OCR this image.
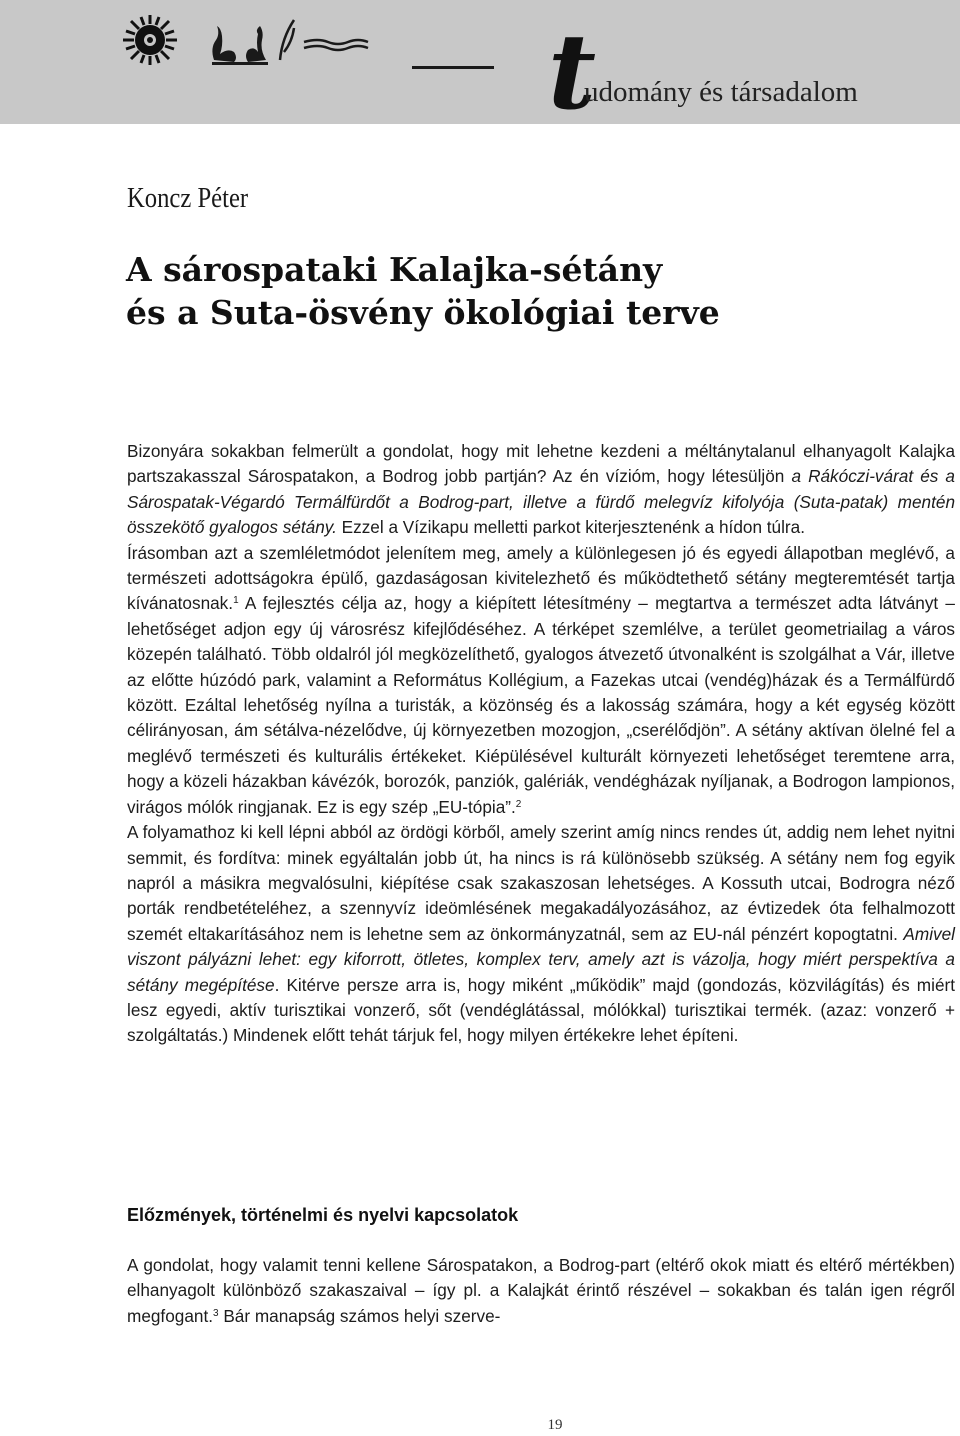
t
udomány és társadalom
Koncz Péter
A sárospataki Kalajka-sétány
és a Suta-ösvény ökológiai terve

Bizonyára sokakban felmerült a gondolat, hogy mit lehetne kezdeni a méltánytalanul elhanyagolt Kalajka partszakasszal Sárospatakon, a Bodrog jobb partján? Az én vízióm, hogy létesüljön a Rákóczi-várat és a Sárospatak-Végardó Termálfürdőt a Bodrog-part, illetve a fürdő melegvíz kifolyója (Suta-patak) mentén összekötő gyalogos sétány. Ezzel a Vízikapu melletti parkot kiterjesztenénk a hídon túlra.

Írásomban azt a szemléletmódot jelenítem meg, amely a különlegesen jó és egyedi állapotban meglévő, a természeti adottságokra épülő, gazdaságosan kivitelezhető és működtethető sétány megteremtését tartja kívánatosnak.$^1$ A fejlesztés célja az, hogy a kiépített létesítmény – megtartva a természet adta látványt – lehetőséget adjon egy új városrész kifejlődéséhez. A térképet szemlélve, a terület geometriailag a város közepén található. Több oldalról jól megközelíthető, gyalogos átvezető útvonalként is szolgálhat a Vár, illetve az előtte húzódó park, valamint a Református Kollégium, a Fazekas utcai (vendég)házak és a Termálfürdő között. Ezáltal lehetőség nyílna a turisták, a közönség és a lakosság számára, hogy a két egység között célirányosan, ám sétálva-nézelődve, új környezetben mozogjon, „cserélődjön”. A sétány aktívan ölelné fel a meglévő természeti és kulturális értékeket. Kiépülésével kulturált környezeti lehetőséget teremtene arra, hogy a közeli házakban kávézók, borozók, panziók, galériák, vendégházak nyíljanak, a Bodrogon lampionos, virágos mólók ringjanak. Ez is egy szép „EU-tópia”.$^2$

A folyamathoz ki kell lépni abból az ördögi körből, amely szerint amíg nincs rendes út, addig nem lehet nyitni semmit, és fordítva: minek egyáltalán jobb út, ha nincs is rá különösebb szükség. A sétány nem fog egyik napról a másikra megvalósulni, kiépítése csak szakaszosan lehetséges. A Kossuth utcai, Bodrogra néző porták rendbetételéhez, a szennyvíz ideömlésének megakadályozásához, az évtizedek óta felhalmozott szemét eltakarításához nem is lehetne sem az önkormányzatnál, sem az EU-nál pénzért kopogtatni. Amivel viszont pályázni lehet: egy kiforrott, ötletes, komplex terv, amely azt is vázolja, hogy miért perspektíva a sétány megépítése. Kitérve persze arra is, hogy miként „működik” majd (gondozás, közvilágítás) és miért lesz egyedi, aktív turisztikai vonzerő, sőt (vendéglátással, mólókkal) turisztikai termék. (azaz: vonzerő + szolgáltatás.) Mindenek előtt tehát tárjuk fel, hogy milyen értékekre lehet építeni.

Előzmények, történelmi és nyelvi kapcsolatok

A gondolat, hogy valamit tenni kellene Sárospatakon, a Bodrog-part (eltérő okok miatt és eltérő mértékben) elhanyagolt különböző szakaszaival – így pl. a Kalajkát érintő részével – sokakban és talán igen régről megfogant.$^3$ Bár manapság számos helyi szerve-

19
